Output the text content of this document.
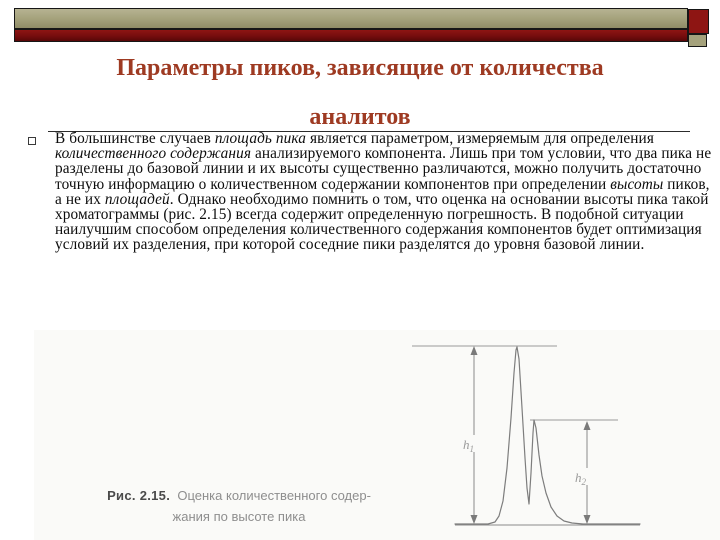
Параметры пиков, зависящие от количества
аналитов
В большинстве случаев площадь пика является параметром, измеряемым для определения количественного содержания анализируемого компонента. Лишь при том условии, что два пика не разделены до базовой линии и их высоты существенно различаются, можно получить достаточно точную информацию о количественном содержании компонентов при определении высоты пиков, а не их площадей. Однако необходимо помнить о том, что оценка на основании высоты пика такой хроматограммы (рис. 2.15) всегда содержит определенную погрешность. В подобной ситуации наилучшим способом определения количественного содержания компонентов будет оптимизация условий их разделения, при которой соседние пики разделятся до уровня базовой линии.
$h_1$
$h_2$
Рис. 2.15. Оценка количественного содер-
жания по высоте пика
